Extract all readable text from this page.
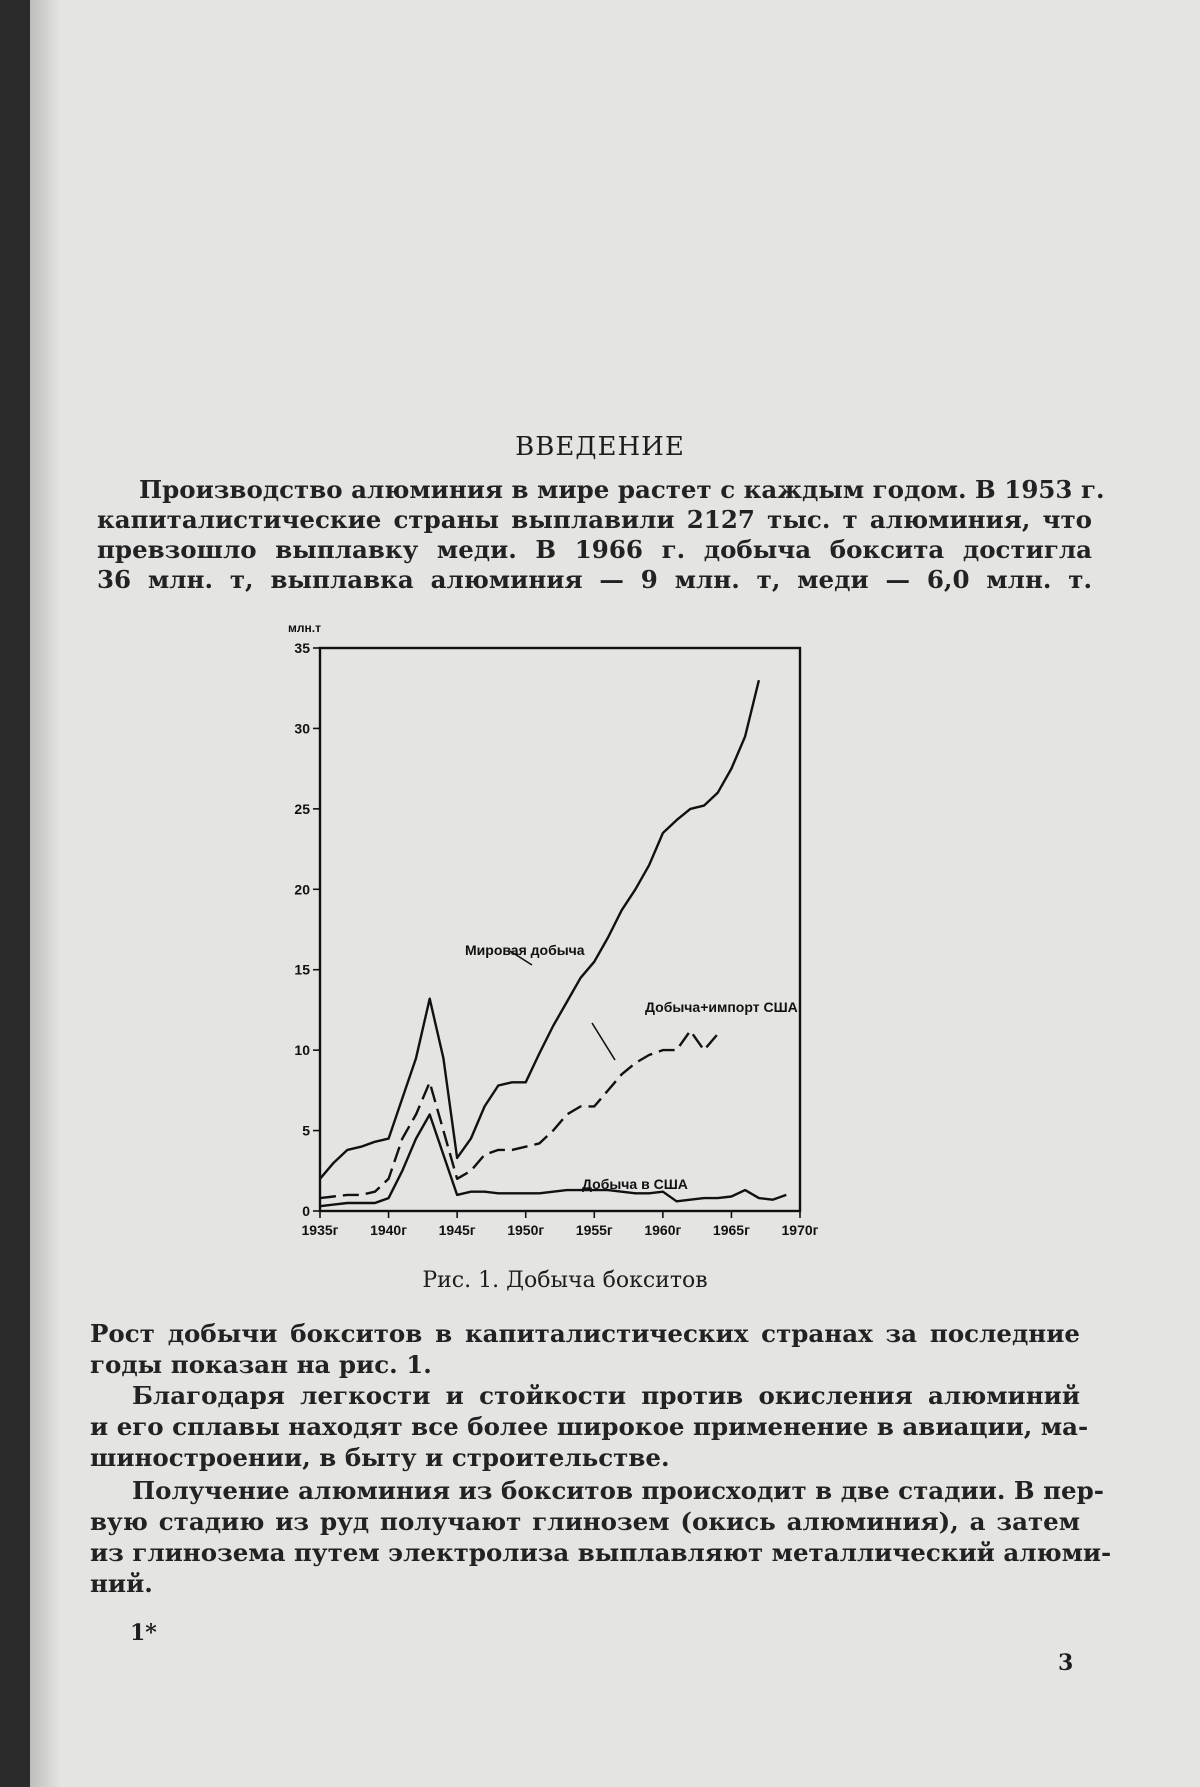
ВВЕДЕНИЕ
Производство алюминия в мире растет с каждым годом. В 1953 г.
капиталистические страны выплавили 2127 тыс. т алюминия, что
превзошло выплавку меди. В 1966 г. добыча боксита достигла
36 млн. т, выплавка алюминия — 9 млн. т, меди — 6,0 млн. т.
0
5
10
15
20
25
30
35
1935г 1940г 1945г 1950г 1955г 1960г 1965г 1970г
млн.т
Мировая добыча
Добыча+импорт США
Добыча в США
Рис. 1. Добыча бокситов
Рост добычи бокситов в капиталистических странах за последние
годы показан на рис. 1.
Благодаря легкости и стойкости против окисления алюминий
и его сплавы находят все более широкое применение в авиации, ма-
шиностроении, в быту и строительстве.
Получение алюминия из бокситов происходит в две стадии. В пер-
вую стадию из руд получают глинозем (окись алюминия), а затем
из глинозема путем электролиза выплавляют металлический алюми-
ний.
1*
3
